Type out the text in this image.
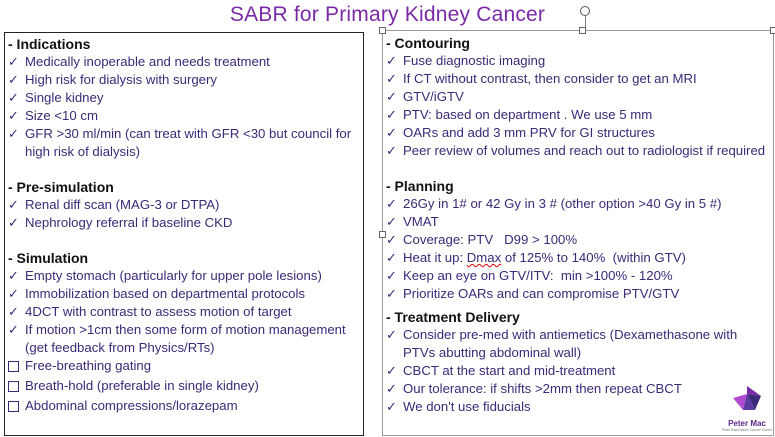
SABR for Primary Kidney Cancer
- Indications
✓ Medically inoperable and needs treatment
✓ High risk for dialysis with surgery
✓ Single kidney
✓ Size <10 cm
✓ GFR >30 ml/min (can treat with GFR <30 but council for high risk of dialysis)
- Pre-simulation
✓ Renal diff scan (MAG-3 or DTPA)
✓ Nephrology referral if baseline CKD
- Simulation
✓ Empty stomach (particularly for upper pole lesions)
✓ Immobilization based on departmental protocols
✓ 4DCT with contrast to assess motion of target
✓ If motion >1cm then some form of motion management (get feedback from Physics/RTs)
Free-breathing gating
Breath-hold (preferable in single kidney)
Abdominal compressions/lorazepam
- Contouring
✓ Fuse diagnostic imaging
✓ If CT without contrast, then consider to get an MRI
✓ GTV/iGTV
✓ PTV: based on department . We use 5 mm
✓ OARs and add 3 mm PRV for GI structures
✓ Peer review of volumes and reach out to radiologist if required
- Planning
✓ 26Gy in 1# or 42 Gy in 3 # (other option >40 Gy in 5 #)
✓ VMAT
✓ Coverage: PTV   D99 > 100%
✓ Heat it up: Dmax of 125% to 140%  (within GTV)
✓ Keep an eye on GTV/ITV:  min >100% - 120%
✓ Prioritize OARs and can compromise PTV/GTV
- Treatment Delivery
✓ Consider pre-med with antiemetics (Dexamethasone with PTVs abutting abdominal wall)
✓ CBCT at the start and mid-treatment
✓ Our tolerance: if shifts >2mm then repeat CBCT
✓ We don't use fiducials
Peter Mac
Peter MacCallum Cancer Centre
